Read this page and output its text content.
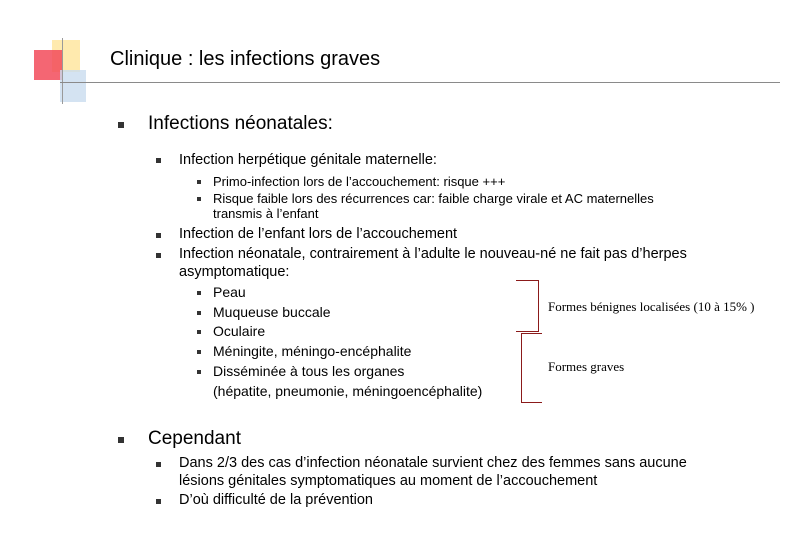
Clinique : les infections graves
Infections néonatales:
Infection herpétique génitale maternelle:
Primo-infection lors de l’accouchement: risque +++
Risque faible lors des récurrences car: faible charge virale et AC maternelles transmis à l’enfant
Infection de l’enfant lors de l’accouchement
Infection néonatale, contrairement à l’adulte le nouveau-né ne fait pas d’herpes asymptomatique:
Peau
Muqueuse buccale
Oculaire
Méningite, méningo-encéphalite
Disséminée à tous les organes
(hépatite, pneumonie, méningoencéphalite)
Formes bénignes localisées (10 à 15% )
Formes graves
Cependant
Dans 2/3 des cas d’infection néonatale survient chez des femmes sans aucune lésions génitales symptomatiques au moment de l’accouchement
D’où difficulté de la prévention
